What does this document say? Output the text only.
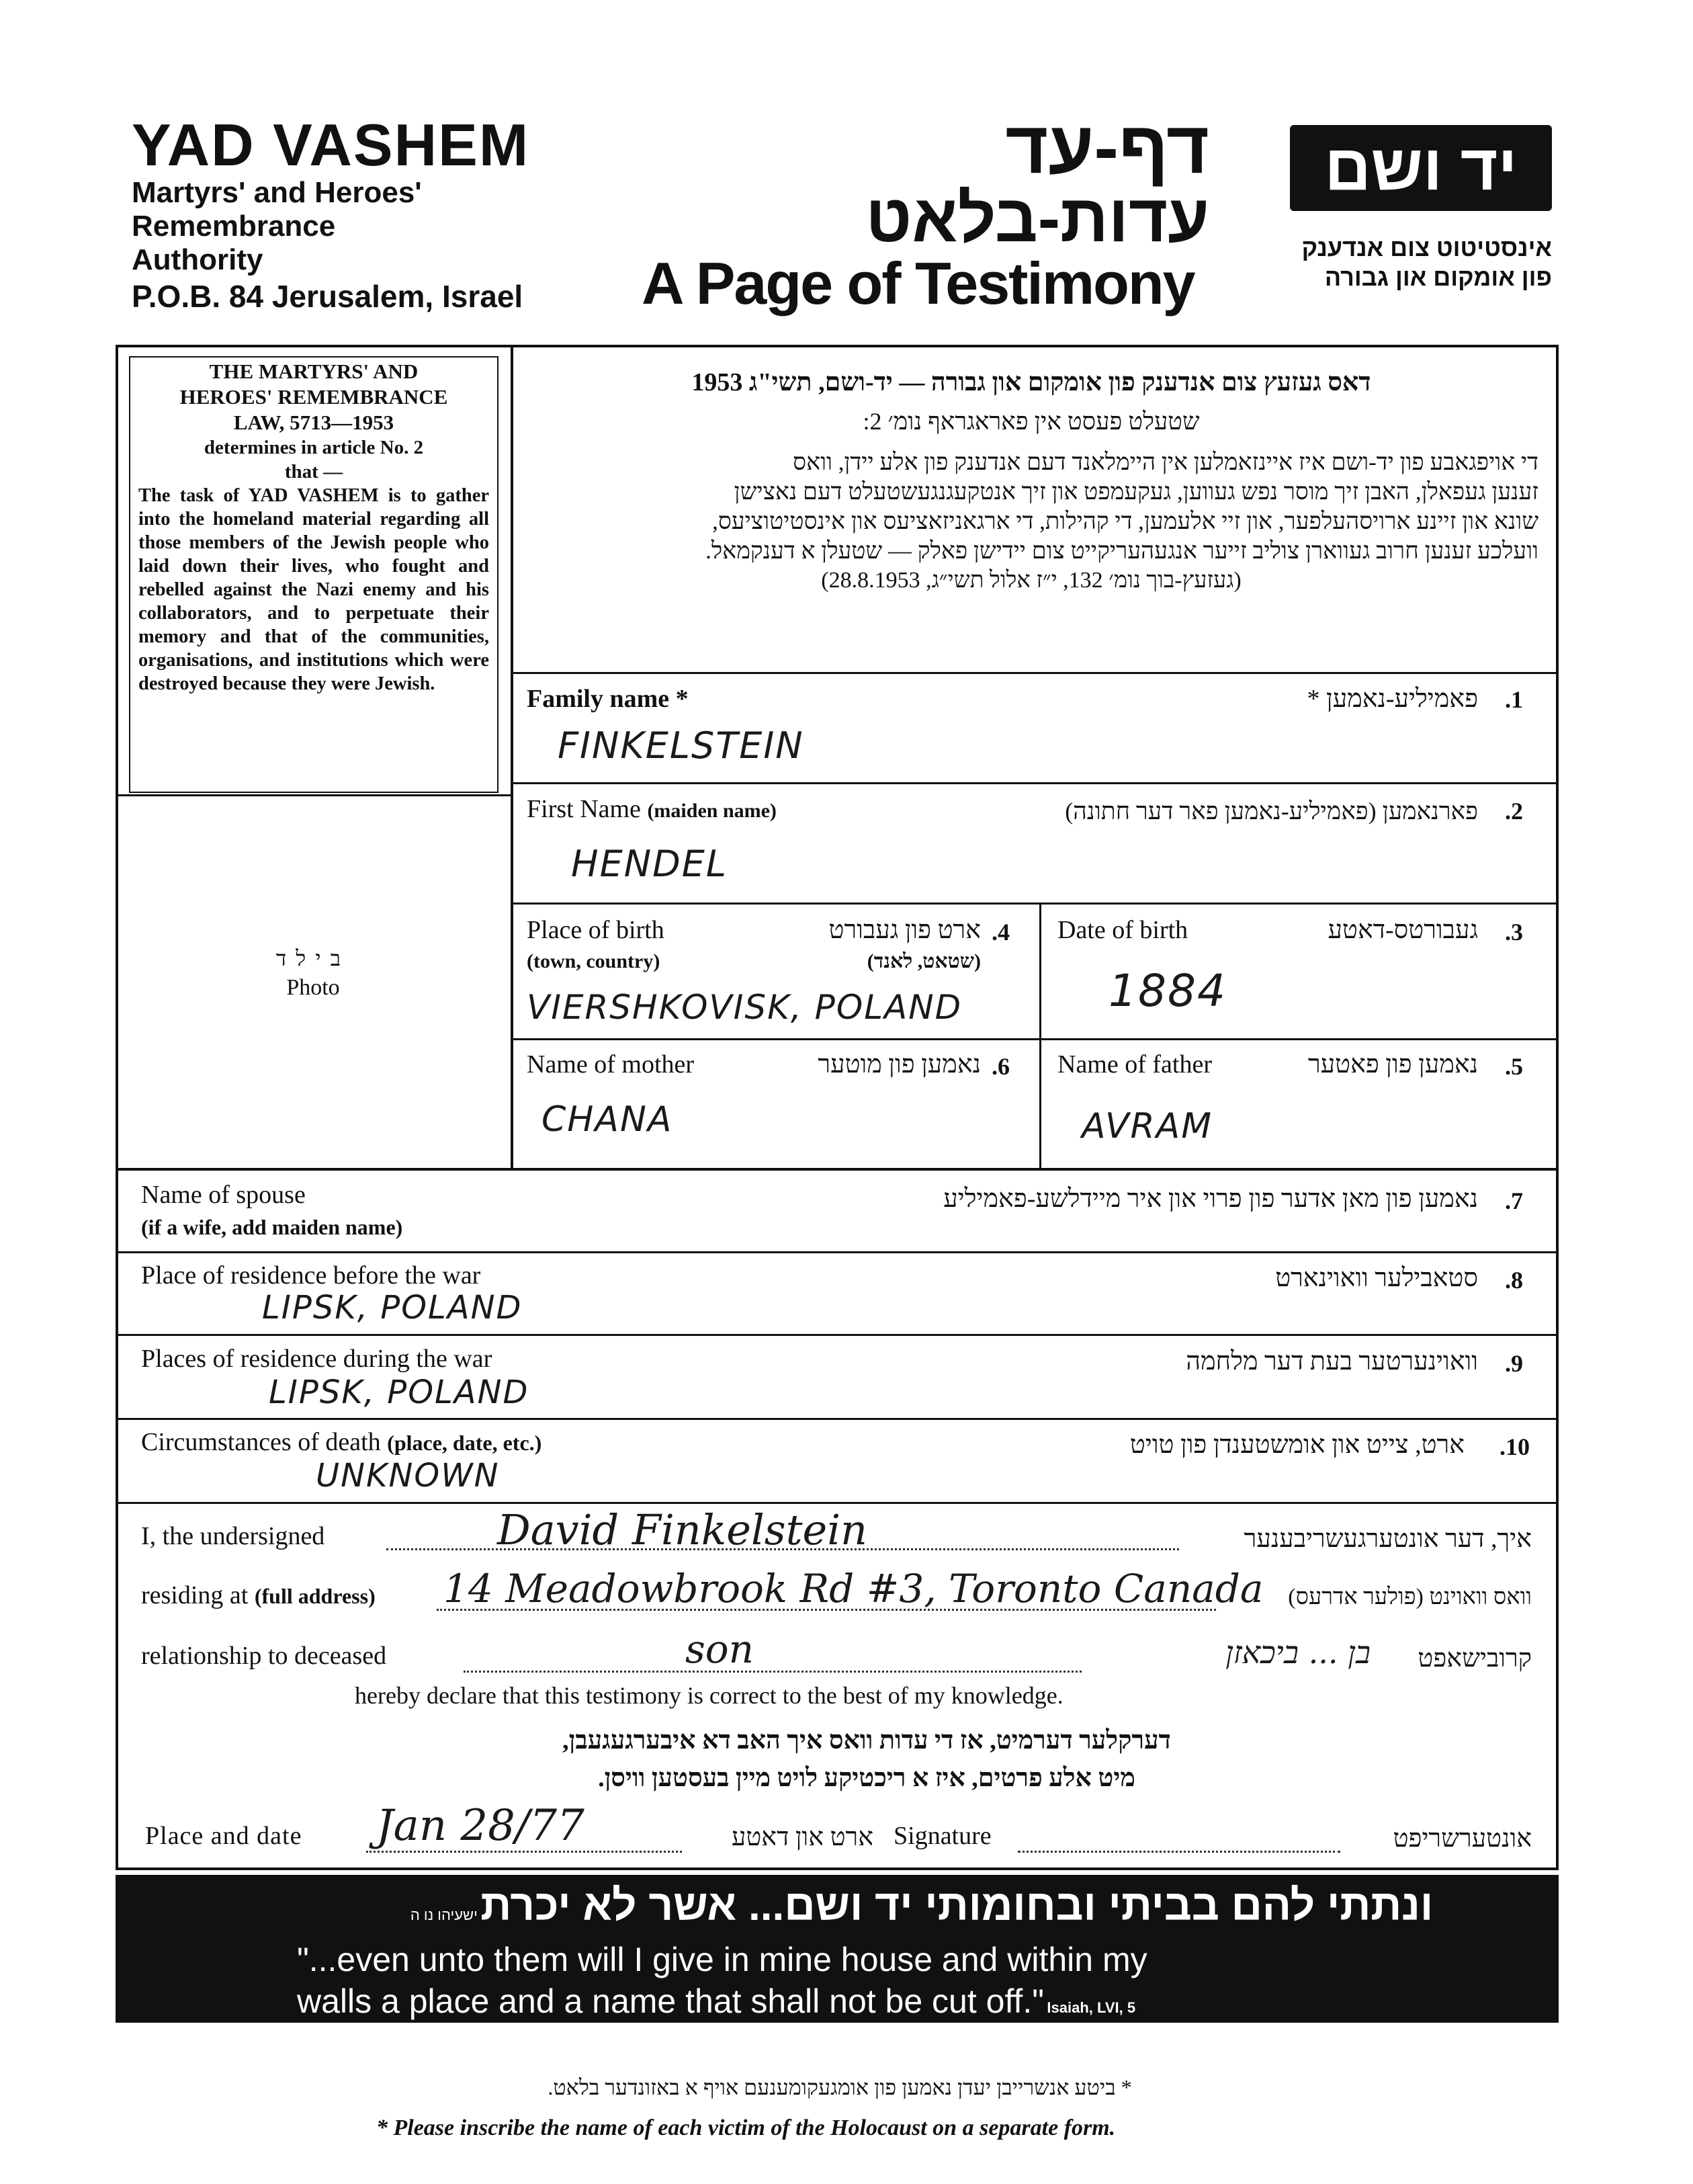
YAD VASHEM
Martyrs' and Heroes'
Remembrance
Authority
P.O.B. 84 Jerusalem, Israel
דף-עד
עדות-בלאט
A Page of Testimony
יד ושם
אינסטיטוט צום אנדענק
פון אומקום און גבורה
THE MARTYRS' AND
HEROES' REMEMBRANCE
LAW, 5713—1953
determines in article No. 2
that —
The task of YAD VASHEM is to gather into the homeland material regarding all those members of the Jewish people who laid down their lives, who fought and rebelled against the Nazi enemy and his collaborators, and to perpetuate their memory and that of the communities, organisations, and institutions which were destroyed because they were Jewish.
בילד
Photo
דאס געזעץ צום אנדענק פון אומקום און גבורה — יד-ושם, תשי"ג 1953
שטעלט פעסט אין פאראגראף נומ׳ 2:
די אויפגאבע פון יד-ושם איז איינזאמלען אין היימלאנד דעם אנדענק פון אלע יידן, וואס
זענען געפאלן, האבן זיך מוסר נפש געווען, געקעמפט און זיך אנטקעגנגעשטעלט דעם נאצישן
שונא און זיינע ארויסהעלפער, און זיי אלעמען, די קהילות, די ארגאניזאציעס און אינסטיטוציעס,
וועלכע זענען חרוב געווארן צוליב זייער אנגעהעריקייט צום יידישן פאלק — שטעלן א דענקמאל.
(געזעץ-בוך נומ׳ 132, י״ז אלול תשי״ג, 28.8.1953)
Family name *	פאמיליע-נאמען * .1
FINKELSTEIN
First Name (maiden name)	פארנאמען (פאמיליע-נאמען פאר דער חתונה) .2
HENDEL
Place of birth
(town, country)
ארט פון געבורט
(שטאט, לאנד)
.4
VIERSHKOVISK, POLAND
Date of birth	געבורטס-דאטע .3
1884
Name of mother	נאמען פון מוטער .6
CHANA
Name of father	נאמען פון פאטער .5
AVRAM
Name of spouse
(if a wife, add maiden name)
נאמען פון מאן אדער פון פרוי און איר מיידלשע-פאמיליע .7
Place of residence before the war	סטאבילער וואוינארט .8
LIPSK, POLAND
Places of residence during the war	וואוינערטער בעת דער מלחמה .9
LIPSK, POLAND
Circumstances of death (place, date, etc.)	ארט, צייט און אומשטענדן פון טויט .10
UNKNOWN
I, the undersigned	David Finkelstein	איך, דער אונטערגעשריבענער
residing at (full address) 14 Meadowbrook Rd #3, Toronto Canada	וואס וואוינט (פולער אדרעס)
relationship to deceased	son	בן ... ביכאזן	קרובישאפט
hereby declare that this testimony is correct to the best of my knowledge.
דערקלער דערמיט, אז די עדות וואס איך האב דא איבערגעגעבן,
מיט אלע פרטים, איז א ריכטיקע לויט מיין בעסטען וויסן.
Place and date Jan 28/77	ארט און דאטע Signature	אונטערשריפט
ונתתי להם בביתי ובחומותי יד ושם... אשר לא יכרת ישעיהו נו ה
"...even unto them will I give in mine house and within my
walls a place and a name that shall not be cut off." Isaiah, LVI, 5
* ביטע אנשרייבן יעדן נאמען פון אומגעקומענעם אויף א באזונדער בלאט.
* Please inscribe the name of each victim of the Holocaust on a separate form.
